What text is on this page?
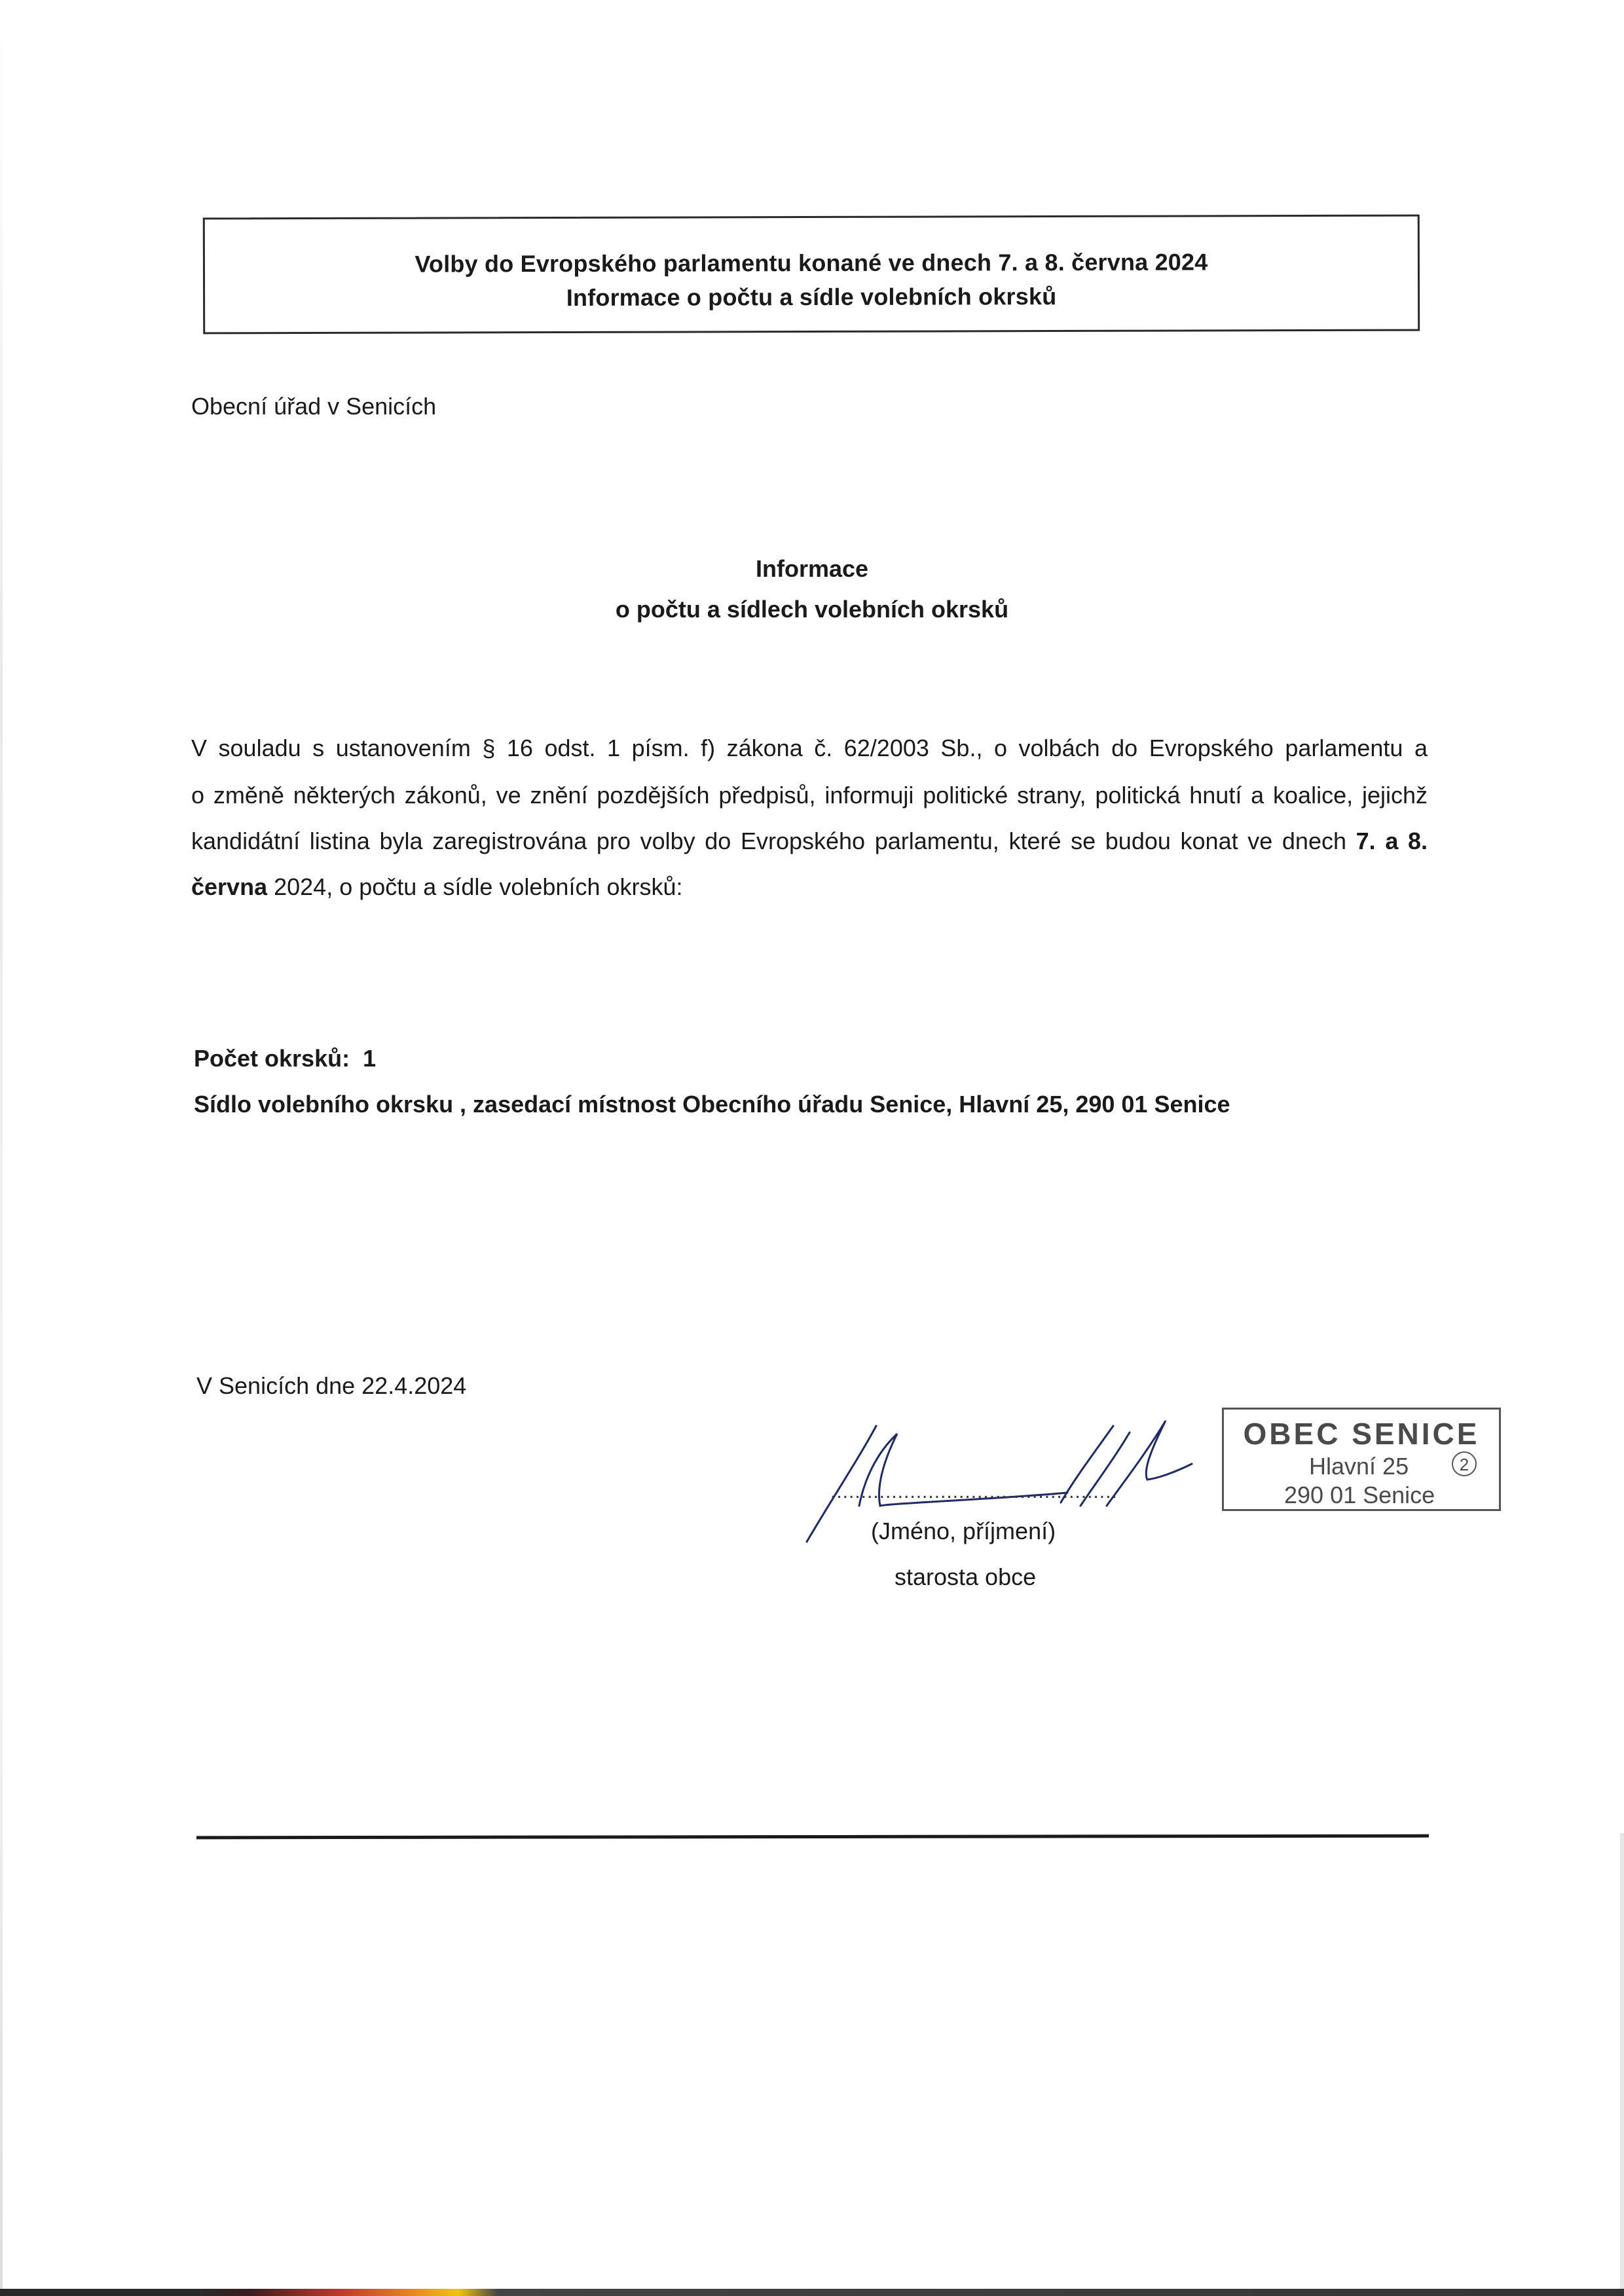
Volby do Evropského parlamentu konané ve dnech 7. a 8. června 2024
Informace o počtu a sídle volebních okrsků
Obecní úřad v Senicích
Informace
o počtu a sídlech volebních okrsků
V souladu s ustanovením § 16 odst. 1 písm. f) zákona č. 62/2003 Sb., o volbách do Evropského parlamentu a
o změně některých zákonů, ve znění pozdějších předpisů, informuji politické strany, politická hnutí a koalice, jejichž
kandidátní listina byla zaregistrována pro volby do Evropského parlamentu, které se budou konat ve dnech 7. a 8.
června 2024, o počtu a sídle volebních okrsků:
Počet okrsků: 1
Sídlo volebního okrsku , zasedací místnost Obecního úřadu Senice, Hlavní 25, 290 01 Senice
V Senicích dne 22.4.2024
...............................................
(Jméno, příjmení)
starosta obce
OBEC SENICE
Hlavní 25	2
290 01 Senice
